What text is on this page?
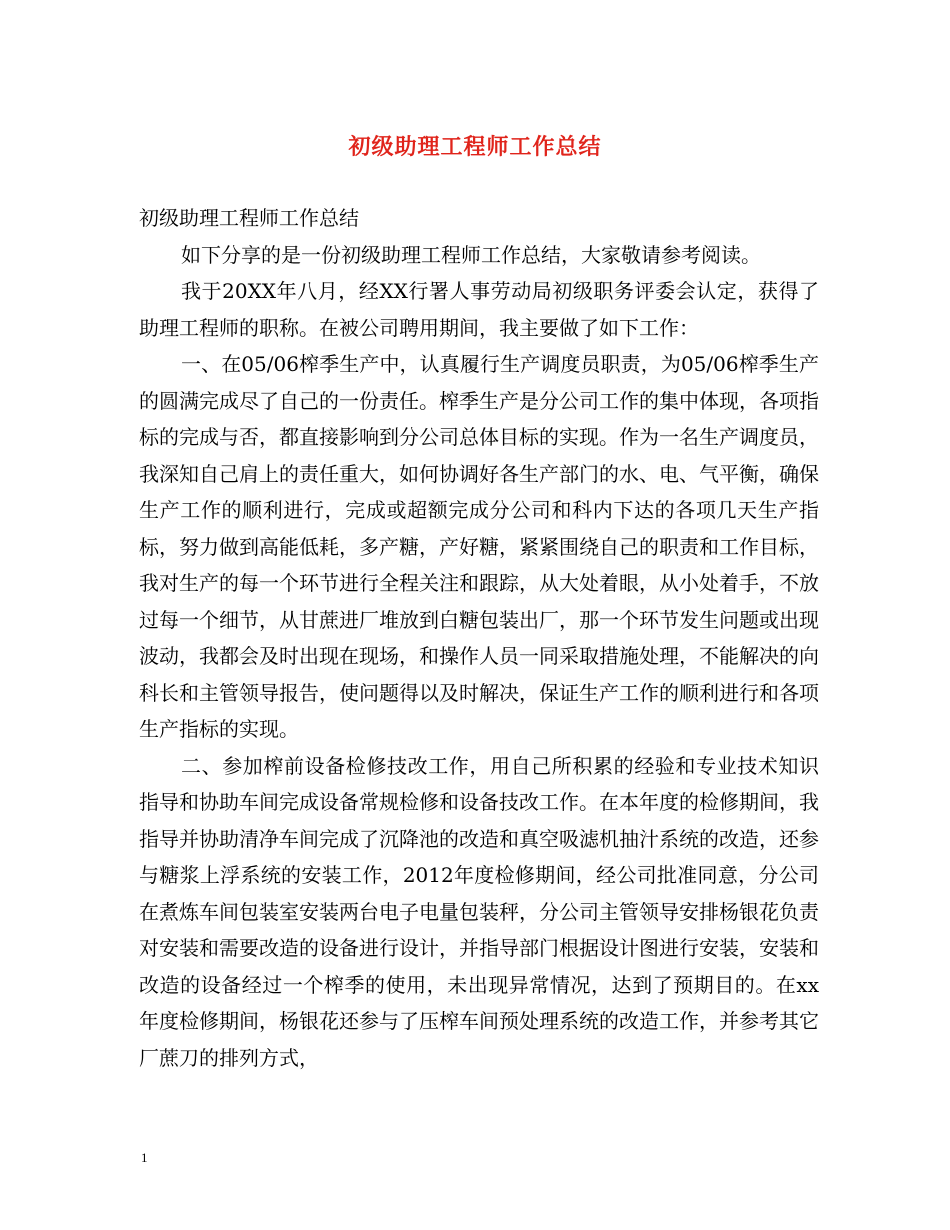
初级助理工程师工作总结

初级助理工程师工作总结

如下分享的是一份初级助理工程师工作总结，大家敬请参考阅读。

我于20XX年八月，经XX行署人事劳动局初级职务评委会认定，获得了助理工程师的职称。在被公司聘用期间，我主要做了如下工作：

一、在05/06榨季生产中，认真履行生产调度员职责，为05/06榨季生产的圆满完成尽了自己的一份责任。榨季生产是分公司工作的集中体现，各项指标的完成与否，都直接影响到分公司总体目标的实现。作为一名生产调度员，我深知自己肩上的责任重大，如何协调好各生产部门的水、电、气平衡，确保生产工作的顺利进行，完成或超额完成分公司和科内下达的各项几天生产指标，努力做到高能低耗，多产糖，产好糖，紧紧围绕自己的职责和工作目标，我对生产的每一个环节进行全程关注和跟踪，从大处着眼，从小处着手，不放过每一个细节，从甘蔗进厂堆放到白糖包装出厂，那一个环节发生问题或出现波动，我都会及时出现在现场，和操作人员一同采取措施处理，不能解决的向科长和主管领导报告，使问题得以及时解决，保证生产工作的顺利进行和各项生产指标的实现。

二、参加榨前设备检修技改工作，用自己所积累的经验和专业技术知识指导和协助车间完成设备常规检修和设备技改工作。在本年度的检修期间，我指导并协助清净车间完成了沉降池的改造和真空吸滤机抽汁系统的改造，还参与糖浆上浮系统的安装工作，2012年度检修期间，经公司批准同意，分公司在煮炼车间包装室安装两台电子电量包装秤，分公司主管领导安排杨银花负责对安装和需要改造的设备进行设计，并指导部门根据设计图进行安装，安装和改造的设备经过一个榨季的使用，未出现异常情况，达到了预期目的。在xx年度检修期间，杨银花还参与了压榨车间预处理系统的改造工作，并参考其它厂蔗刀的排列方式，

1
